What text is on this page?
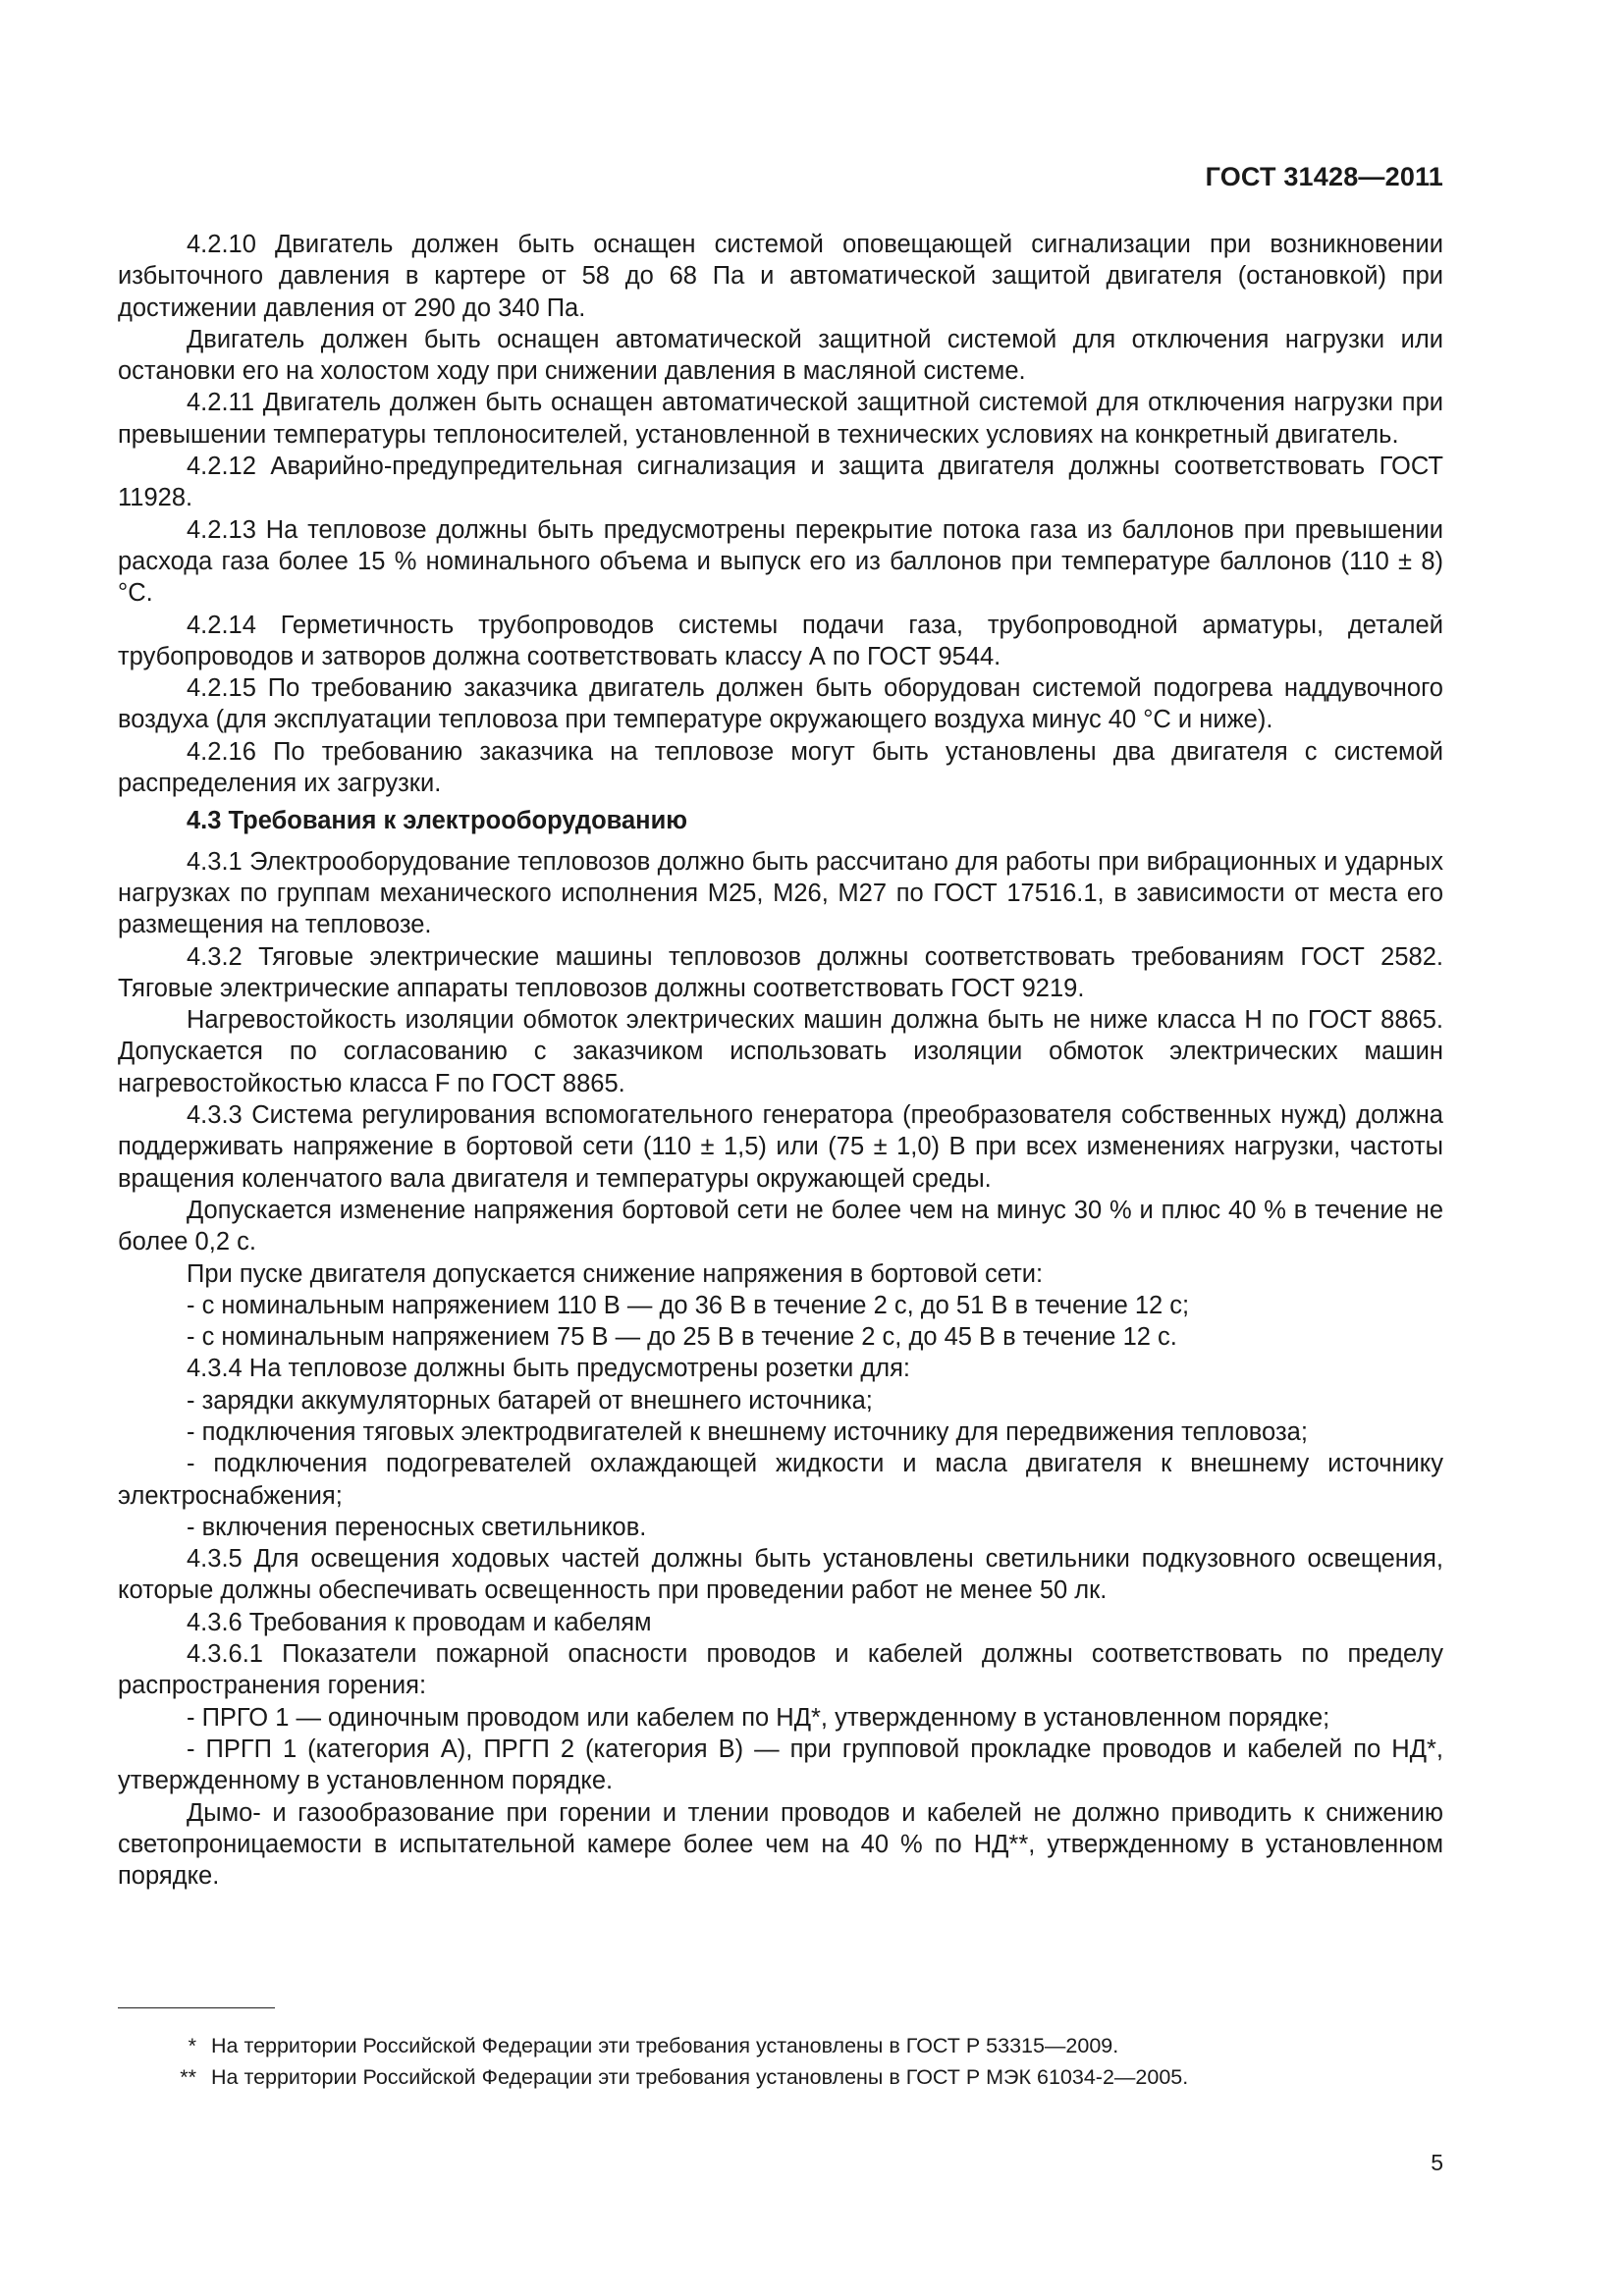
ГОСТ 31428—2011

4.2.10 Двигатель должен быть оснащен системой оповещающей сигнализации при возникновении избыточного давления в картере от 58 до 68 Па и автоматической защитой двигателя (остановкой) при достижении давления от 290 до 340 Па.

Двигатель должен быть оснащен автоматической защитной системой для отключения нагрузки или остановки его на холостом ходу при снижении давления в масляной системе.

4.2.11 Двигатель должен быть оснащен автоматической защитной системой для отключения нагрузки при превышении температуры теплоносителей, установленной в технических условиях на конкретный двигатель.

4.2.12 Аварийно-предупредительная сигнализация и защита двигателя должны соответствовать ГОСТ 11928.

4.2.13 На тепловозе должны быть предусмотрены перекрытие потока газа из баллонов при превышении расхода газа более 15 % номинального объема и выпуск его из баллонов при температуре баллонов (110 ± 8) °С.

4.2.14 Герметичность трубопроводов системы подачи газа, трубопроводной арматуры, деталей трубопроводов и затворов должна соответствовать классу А по ГОСТ 9544.

4.2.15 По требованию заказчика двигатель должен быть оборудован системой подогрева наддувочного воздуха (для эксплуатации тепловоза при температуре окружающего воздуха минус 40 °С и ниже).

4.2.16 По требованию заказчика на тепловозе могут быть установлены два двигателя с системой распределения их загрузки.

4.3 Требования к электрооборудованию

4.3.1 Электрооборудование тепловозов должно быть рассчитано для работы при вибрационных и ударных нагрузках по группам механического исполнения М25, М26, М27 по ГОСТ 17516.1, в зависимости от места его размещения на тепловозе.

4.3.2 Тяговые электрические машины тепловозов должны соответствовать требованиям ГОСТ 2582. Тяговые электрические аппараты тепловозов должны соответствовать ГОСТ 9219.

Нагревостойкость изоляции обмоток электрических машин должна быть не ниже класса Н по ГОСТ 8865. Допускается по согласованию с заказчиком использовать изоляции обмоток электрических машин нагревостойкостью класса F по ГОСТ 8865.

4.3.3 Система регулирования вспомогательного генератора (преобразователя собственных нужд) должна поддерживать напряжение в бортовой сети (110 ± 1,5) или (75 ± 1,0) В при всех изменениях нагрузки, частоты вращения коленчатого вала двигателя и температуры окружающей среды.

Допускается изменение напряжения бортовой сети не более чем на минус 30 % и плюс 40 % в течение не более 0,2 с.

При пуске двигателя допускается снижение напряжения в бортовой сети:

- с номинальным напряжением 110 В — до 36 В в течение 2 с, до 51 В в течение 12 с;

- с номинальным напряжением 75 В — до 25 В в течение 2 с, до 45 В в течение 12 с.

4.3.4 На тепловозе должны быть предусмотрены розетки для:

- зарядки аккумуляторных батарей от внешнего источника;

- подключения тяговых электродвигателей к внешнему источнику для передвижения тепловоза;

- подключения подогревателей охлаждающей жидкости и масла двигателя к внешнему источнику электроснабжения;

- включения переносных светильников.

4.3.5 Для освещения ходовых частей должны быть установлены светильники подкузовного освещения, которые должны обеспечивать освещенность при проведении работ не менее 50 лк.

4.3.6 Требования к проводам и кабелям

4.3.6.1 Показатели пожарной опасности проводов и кабелей должны соответствовать по пределу распространения горения:

- ПРГО 1 — одиночным проводом или кабелем по НД*, утвержденному в установленном порядке;

- ПРГП 1 (категория А), ПРГП 2 (категория В) — при групповой прокладке проводов и кабелей по НД*, утвержденному в установленном порядке.

Дымо- и газообразование при горении и тлении проводов и кабелей не должно приводить к снижению светопроницаемости в испытательной камере более чем на 40 % по НД**, утвержденному в установленном порядке.

* На территории Российской Федерации эти требования установлены в ГОСТ Р 53315—2009.
** На территории Российской Федерации эти требования установлены в ГОСТ Р МЭК 61034-2—2005.
5
